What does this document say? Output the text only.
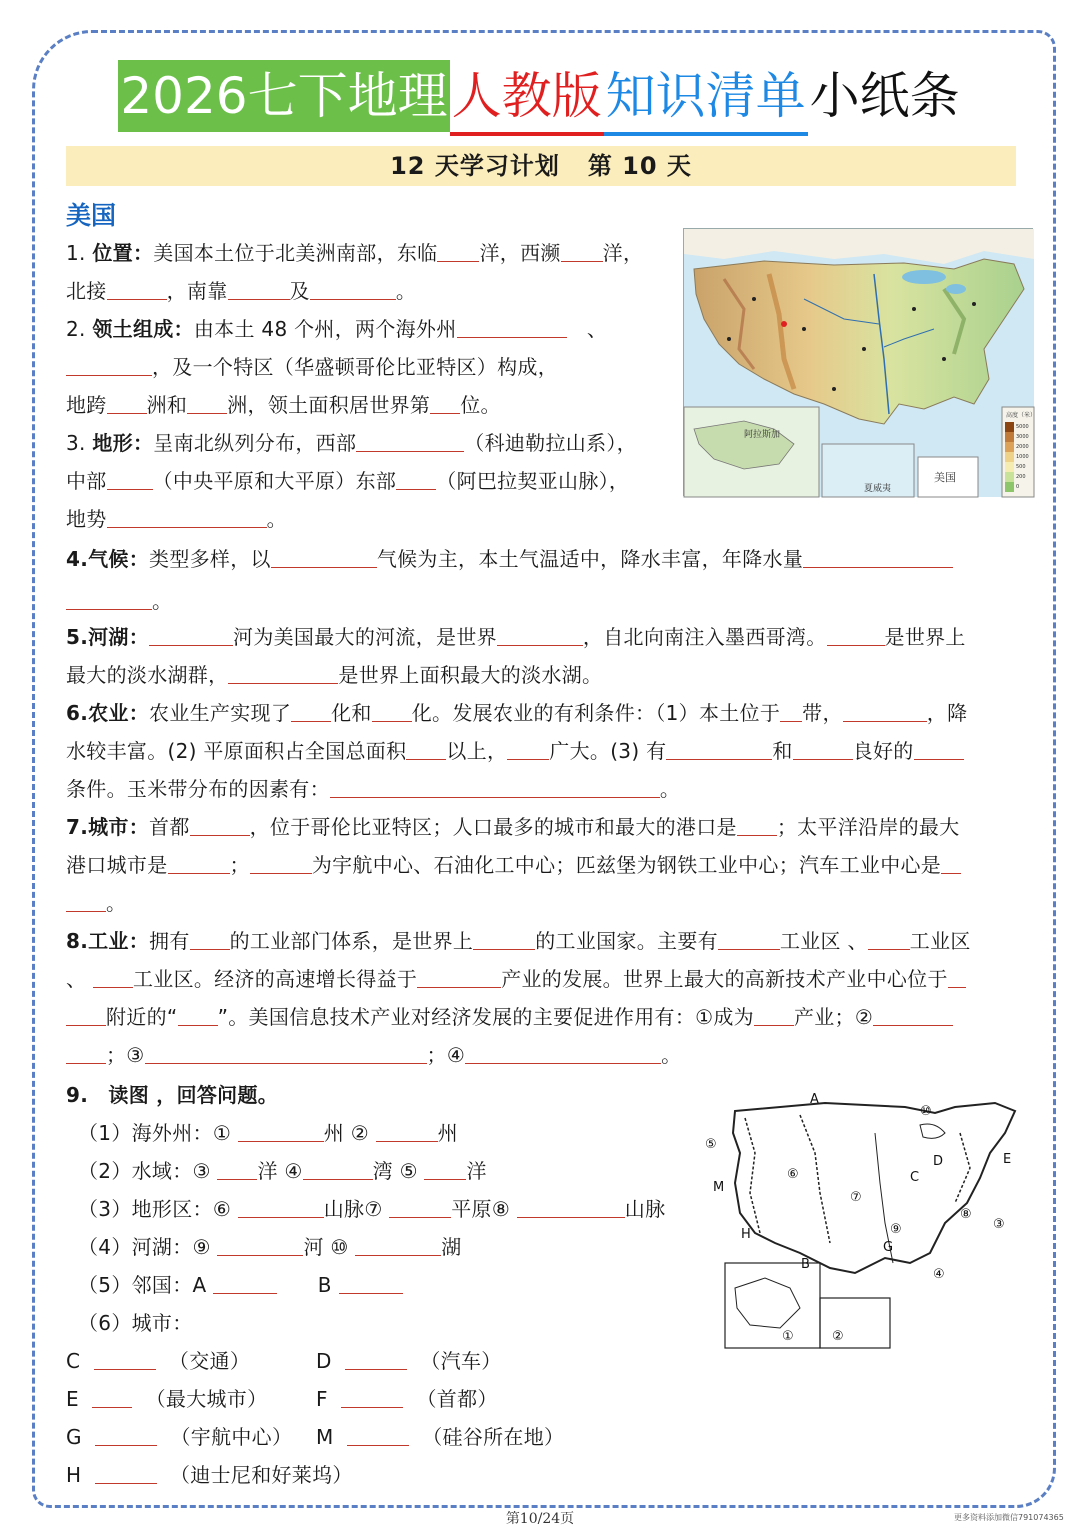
2026七下地理人教版知识清单小纸条
12 天学习计划 第 10 天
美国
阿拉斯加
夏威夷
美国
高度（米）
5000
3000
2000
1000
500
200
0
1. 位置：美国本土位于北美洲南部，东临 洋，西濒 洋，
北接	，南靠	及	。
2. 领土组成：由本土 48 个州，两个海外州　	、
，及一个特区（华盛顿哥伦比亚特区）构成，
地跨 洲和 洲，领土面积居世界第 位。
3. 地形：呈南北纵列分布，西部	（科迪勒拉山系），
中部 （中央平原和大平原）东部 （阿巴拉契亚山脉），
地势	。
4.气候：类型多样，以	气候为主，本土气温适中，降水丰富，年降水量
。
5.河湖：	河为美国最大的河流，是世界	，自北向南注入墨西哥湾。	是世界上
最大的淡水湖群，	是世界上面积最大的淡水湖。
6.农业：农业生产实现了 化和 化。发展农业的有利条件：（1）本土位于 带，	，降
水较丰富。(2) 平原面积占全国总面积 以上， 广大。(3) 有	和	良好的
条件。玉米带分布的因素有：	。
7.城市：首都	，位于哥伦比亚特区；人口最多的城市和最大的港口是 ；太平洋沿岸的最大
港口城市是	；	为宇航中心、石油化工中心；匹兹堡为钢铁工业中心；汽车工业中心是
。
8.工业：拥有 的工业部门体系，是世界上	的工业国家。主要有	工业区 、 工业区
、 工业区。经济的高速增长得益于	产业的发展。世界上最大的高新技术产业中心位于
附近的“ ”。美国信息技术产业对经济发展的主要促进作用有：①成为 产业；②
；③	；④	。
9.　读图 ，回答问题。
（1）海外州：①	州 ②	州
（2）水域：③ 洋 ④	湾 ⑤ 洋
（3）地形区：⑥	山脉⑦	平原⑧	山脉
（4）河湖：⑨	河 ⑩	湖
（5）邻国：A 　　	B
（6）城市：
C	（交通）	D	（汽车）
E	（最大城市） F	（首都）
G	（宇航中心） M	（硅谷所在地）
H	（迪士尼和好莱坞）
A
B
C
D	E
G
H
M
①	②
③
④
⑤
⑥
⑦
⑧
⑨
⑩
第10/24页	更多资料添加微信791074365
